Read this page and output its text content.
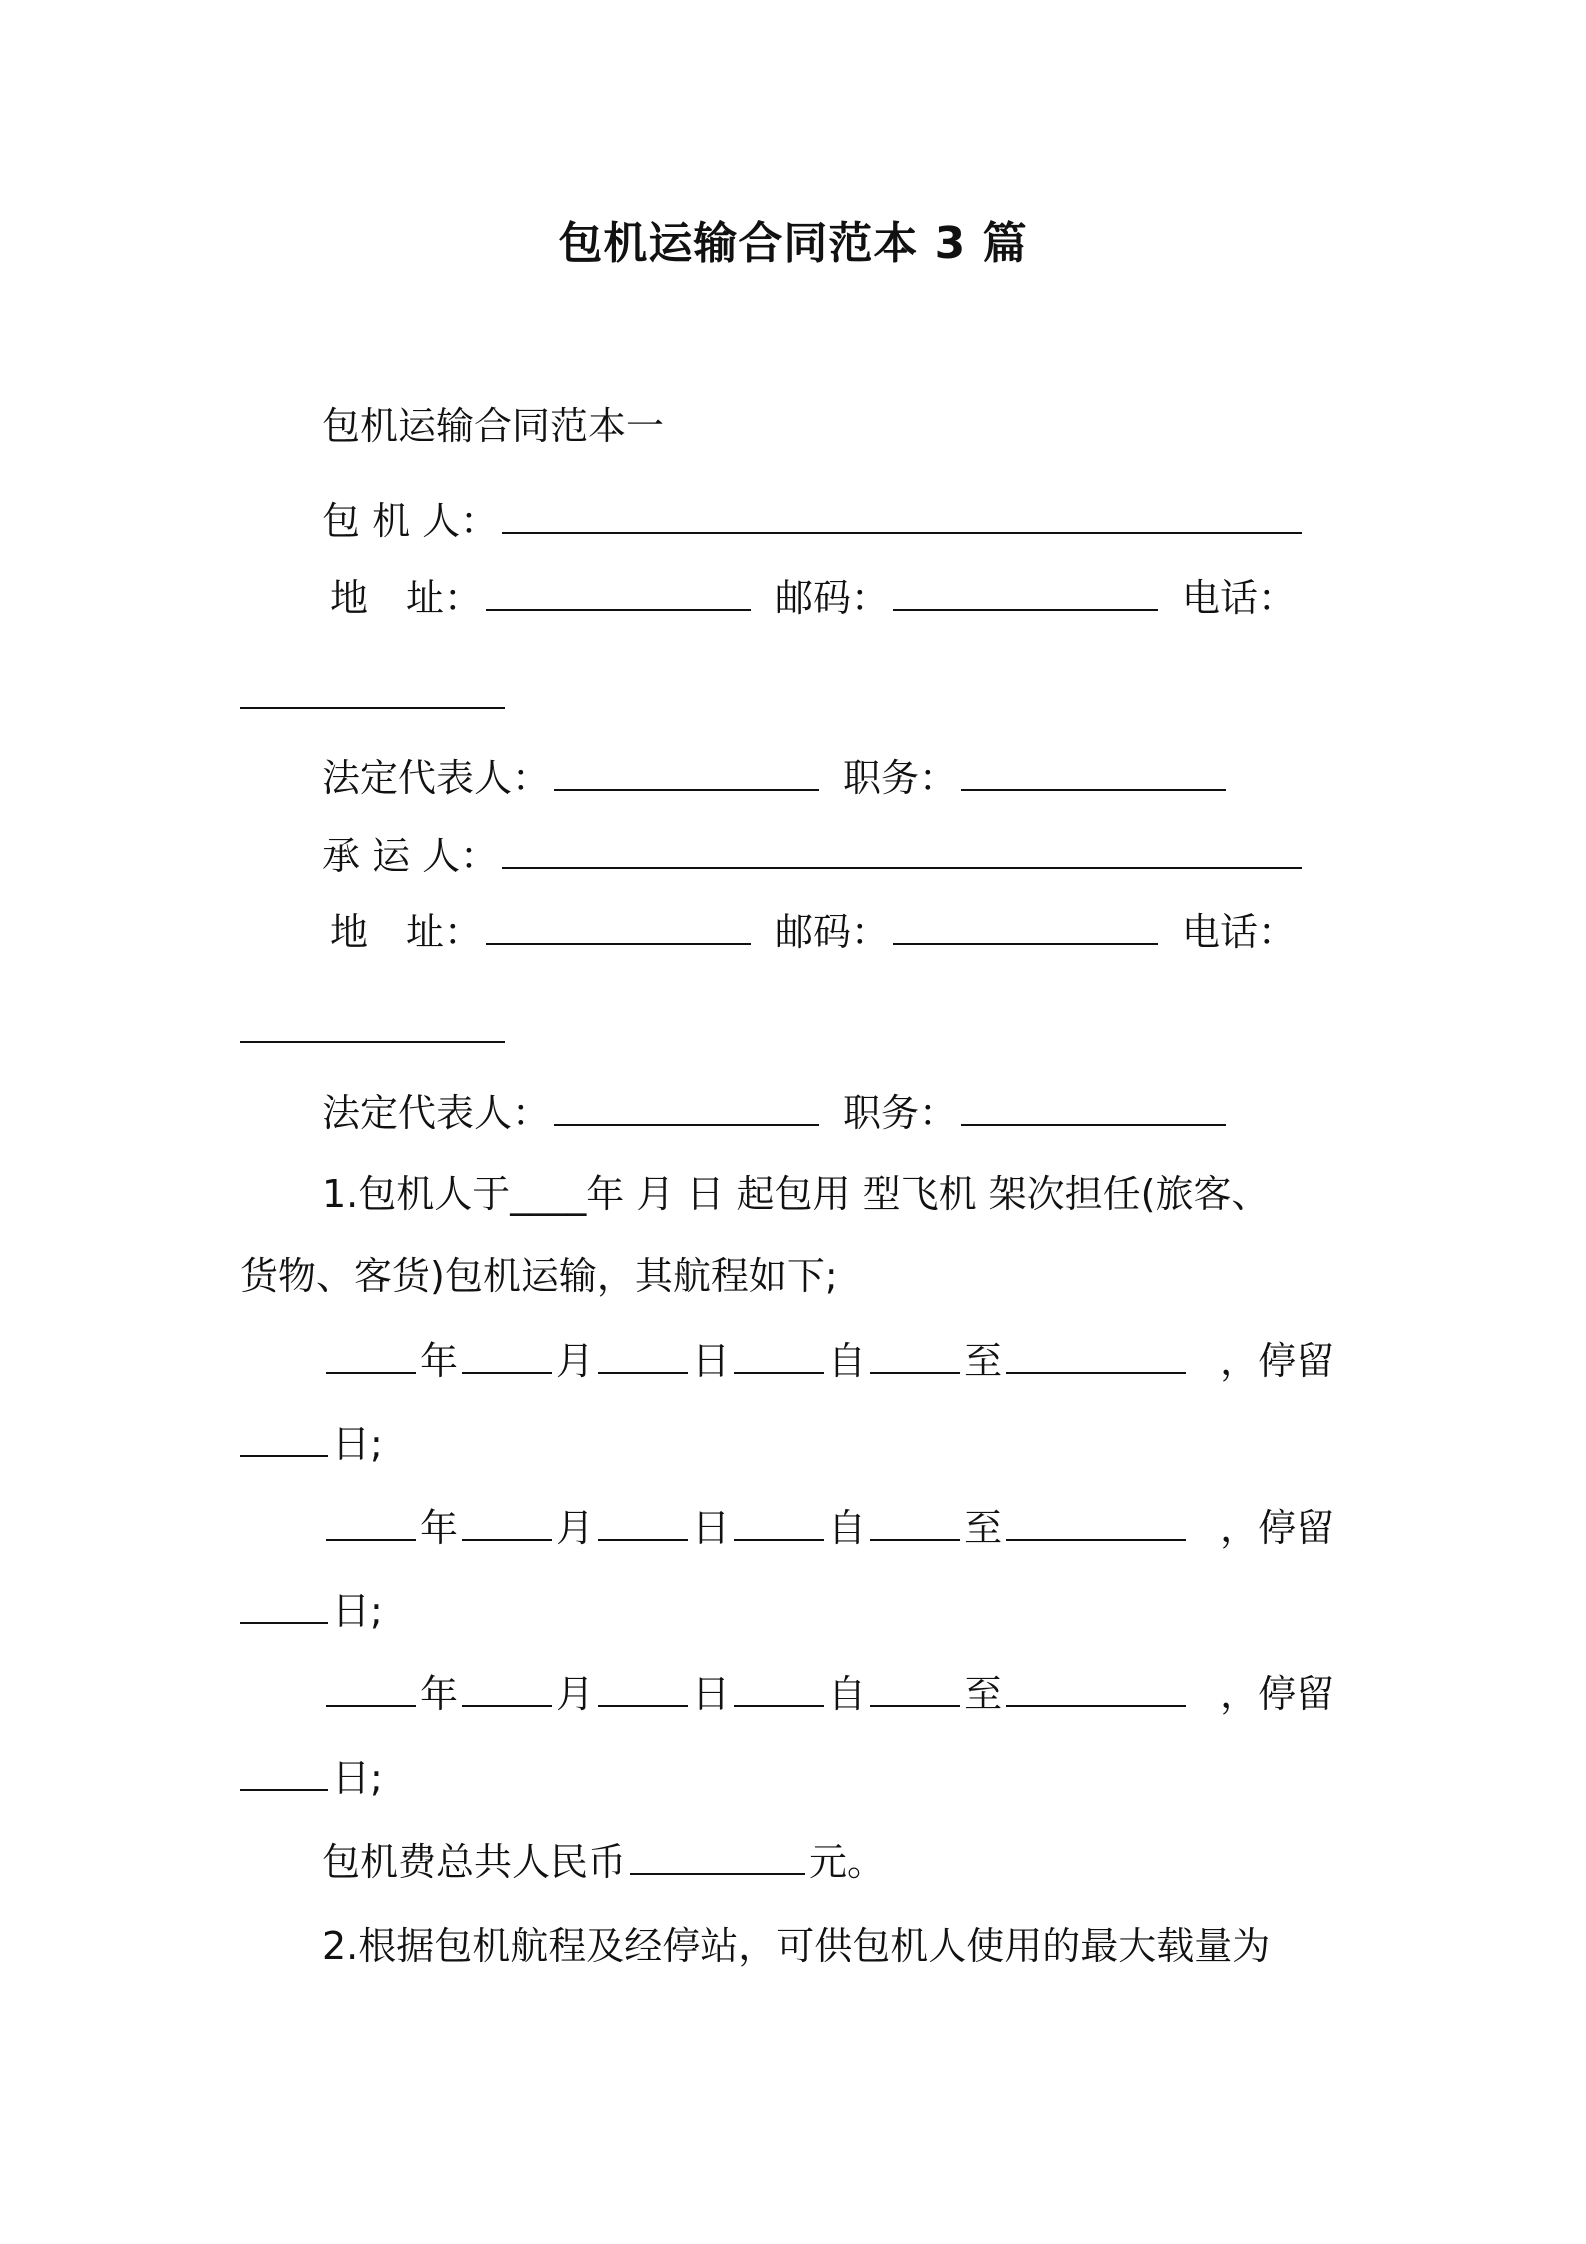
包机运输合同范本 3 篇
包机运输合同范本一
包 机 人：
地　址：	邮码：	电话：
法定代表人：	职务：
承 运 人：
地　址：	邮码：	电话：
法定代表人：	职务：
1.包机人于____年 月 日 起包用 型飞机 架次担任(旅客、
货物、客货)包机运输，其航程如下;
年	月	日	自	至	，停留
日;
年	月	日	自	至	，停留
日;
年	月	日	自	至	，停留
日;
包机费总共人民币	元。
2.根据包机航程及经停站，可供包机人使用的最大载量为
